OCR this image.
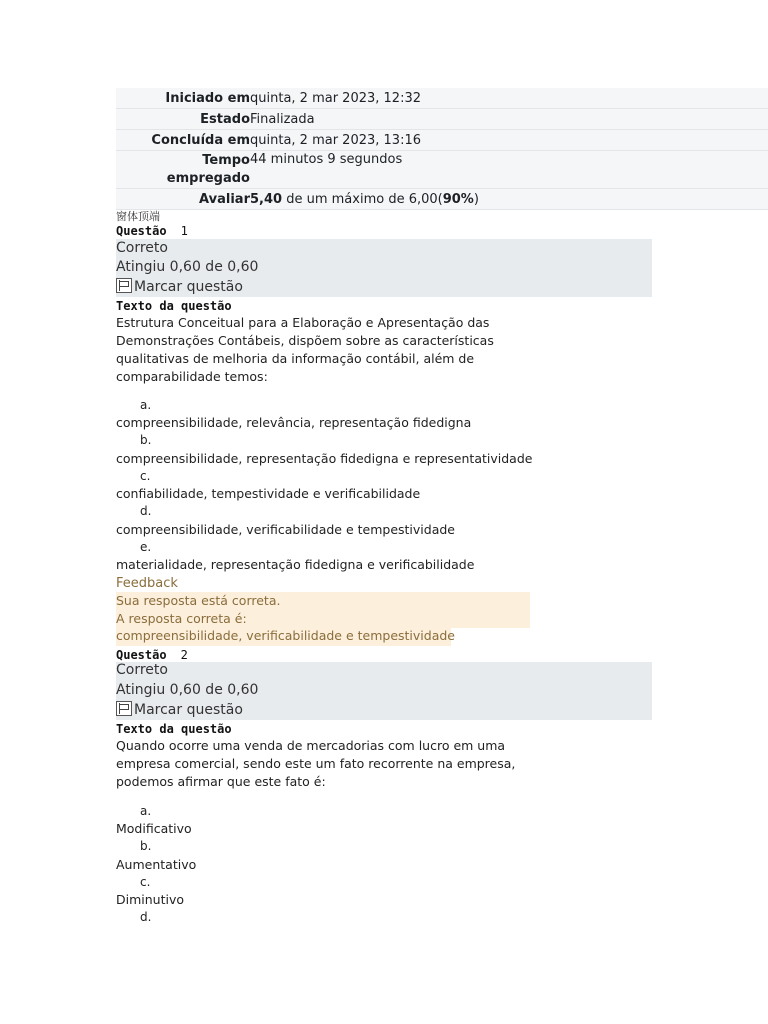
Iniciado em quinta, 2 mar 2023, 12:32
Estado Finalizada
Concluída em quinta, 2 mar 2023, 13:16
Tempo empregado
44 minutos 9 segundos
Avaliar 5,40 de um máximo de 6,00(90%)
窗体顶端
Questão 1
Correto
Atingiu 0,60 de 0,60
Marcar questão
Texto da questão
Estrutura Conceitual para a Elaboração e Apresentação das Demonstrações Contábeis, dispõem sobre as características qualitativas de melhoria da informação contábil, além de comparabilidade temos:
a.
compreensibilidade, relevância, representação fidedigna
b.
compreensibilidade, representação fidedigna e representatividade
c.
confiabilidade, tempestividade e verificabilidade
d.
compreensibilidade, verificabilidade e tempestividade
e.
materialidade, representação fidedigna e verificabilidade
Feedback
Sua resposta está correta.
A resposta correta é:
compreensibilidade, verificabilidade e tempestividade
Questão 2
Correto
Atingiu 0,60 de 0,60
Marcar questão
Texto da questão
Quando ocorre uma venda de mercadorias com lucro em uma empresa comercial, sendo este um fato recorrente na empresa, podemos afirmar que este fato é:
a.
Modificativo
b.
Aumentativo
c.
Diminutivo
d.
